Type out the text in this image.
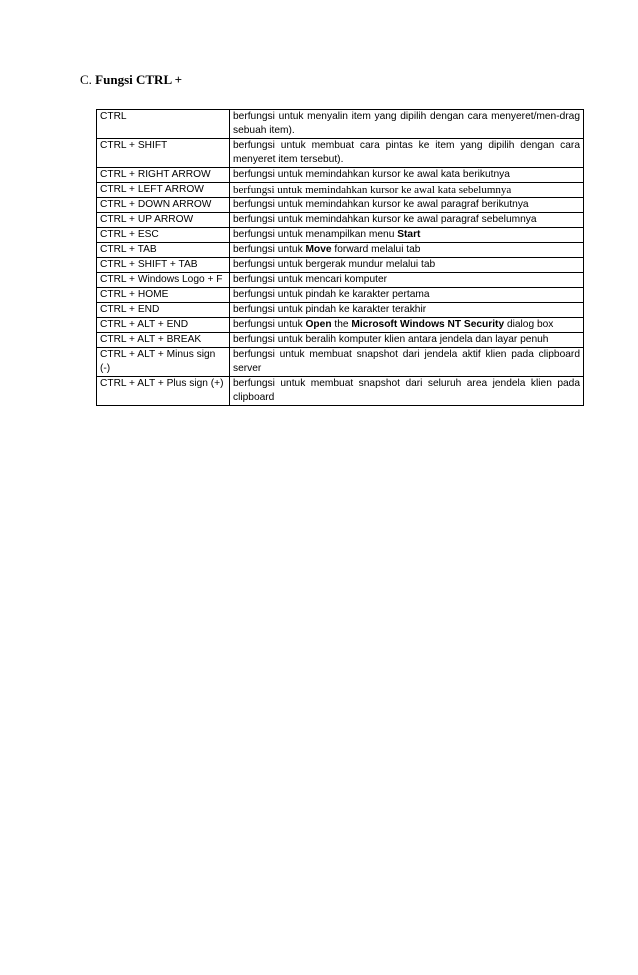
C. Fungsi CTRL +
CTRL	berfungsi untuk menyalin item yang dipilih dengan cara menyeret/men-drag sebuah item).
CTRL + SHIFT	berfungsi untuk membuat cara pintas ke item yang dipilih dengan cara menyeret item tersebut).
CTRL + RIGHT ARROW	berfungsi untuk memindahkan kursor ke awal kata berikutnya
CTRL + LEFT ARROW	berfungsi untuk memindahkan kursor ke awal kata sebelumnya
CTRL + DOWN ARROW	berfungsi untuk memindahkan kursor ke awal paragraf berikutnya
CTRL + UP ARROW	berfungsi untuk memindahkan kursor ke awal paragraf sebelumnya
CTRL + ESC	berfungsi untuk menampilkan menu Start
CTRL + TAB	berfungsi untuk Move forward melalui tab
CTRL + SHIFT + TAB	berfungsi untuk bergerak mundur melalui tab
CTRL + Windows Logo + F	berfungsi untuk mencari komputer
CTRL + HOME	berfungsi untuk pindah ke karakter pertama
CTRL + END	berfungsi untuk pindah ke karakter terakhir
CTRL + ALT + END	berfungsi untuk Open the Microsoft Windows NT Security dialog box
CTRL + ALT + BREAK	berfungsi untuk beralih komputer klien antara jendela dan layar penuh
CTRL + ALT + Minus sign (-)	berfungsi untuk membuat snapshot dari jendela aktif klien pada clipboard server
CTRL + ALT + Plus sign (+)	berfungsi untuk membuat snapshot dari seluruh area jendela klien pada clipboard
